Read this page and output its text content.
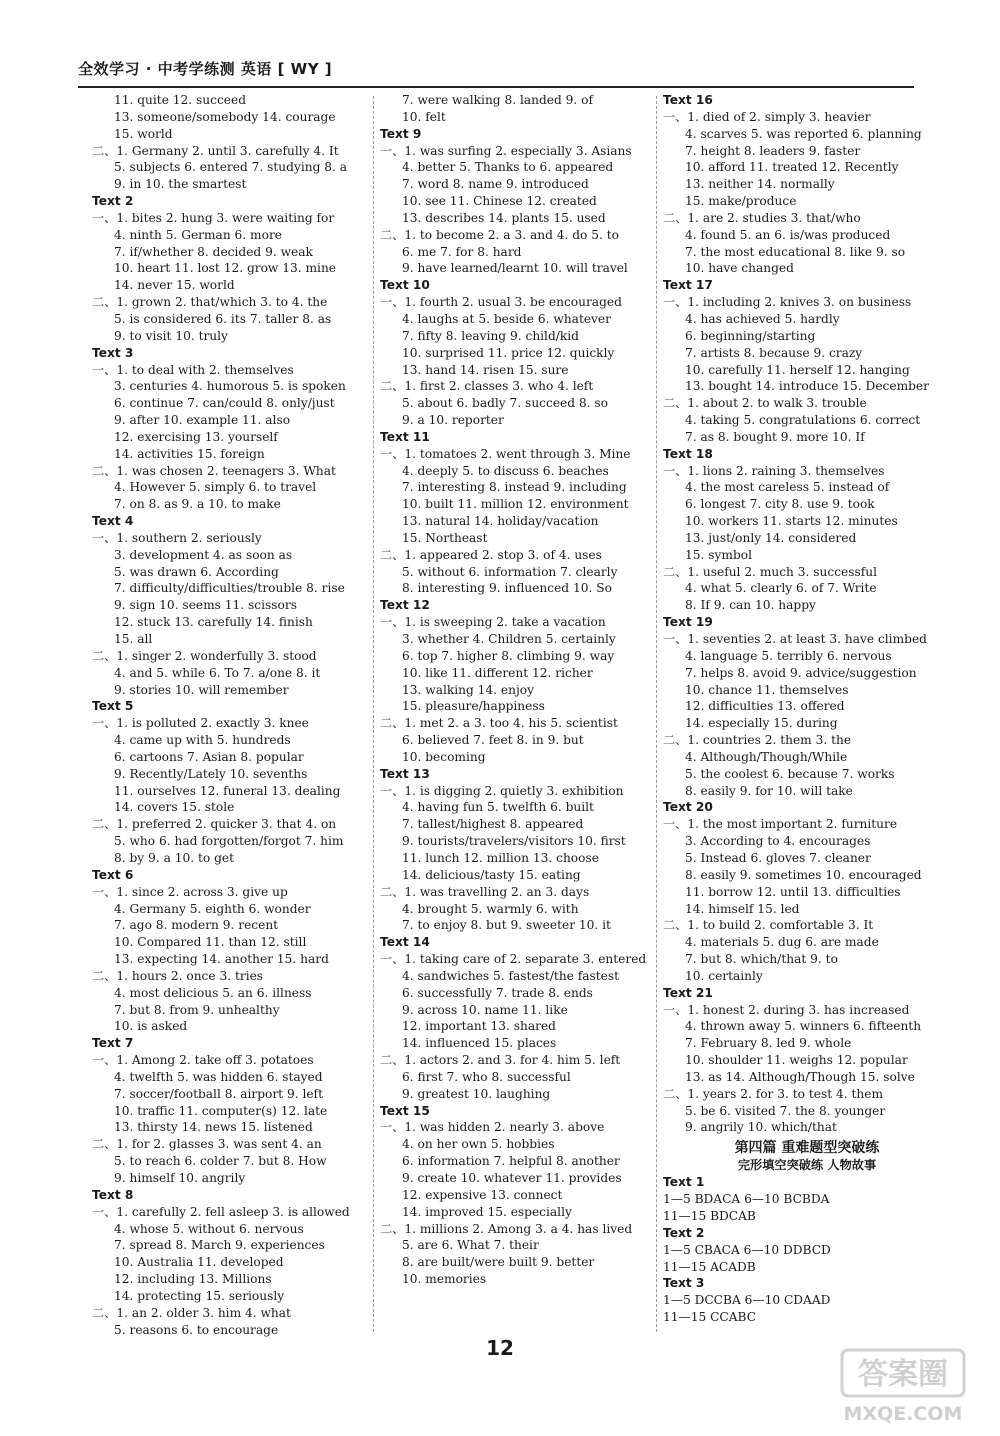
全效学习 · 中考学练测 英语 [ WY ]
11. quite 12. succeed
13. someone/somebody 14. courage
15. world
二、1. Germany 2. until 3. carefully 4. It
5. subjects 6. entered 7. studying 8. a
9. in 10. the smartest
Text 2
一、1. bites 2. hung 3. were waiting for
4. ninth 5. German 6. more
7. if/whether 8. decided 9. weak
10. heart 11. lost 12. grow 13. mine
14. never 15. world
二、1. grown 2. that/which 3. to 4. the
5. is considered 6. its 7. taller 8. as
9. to visit 10. truly
Text 3
一、1. to deal with 2. themselves
3. centuries 4. humorous 5. is spoken
6. continue 7. can/could 8. only/just
9. after 10. example 11. also
12. exercising 13. yourself
14. activities 15. foreign
二、1. was chosen 2. teenagers 3. What
4. However 5. simply 6. to travel
7. on 8. as 9. a 10. to make
Text 4
一、1. southern 2. seriously
3. development 4. as soon as
5. was drawn 6. According
7. difficulty/difficulties/trouble 8. rise
9. sign 10. seems 11. scissors
12. stuck 13. carefully 14. finish
15. all
二、1. singer 2. wonderfully 3. stood
4. and 5. while 6. To 7. a/one 8. it
9. stories 10. will remember
Text 5
一、1. is polluted 2. exactly 3. knee
4. came up with 5. hundreds
6. cartoons 7. Asian 8. popular
9. Recently/Lately 10. sevenths
11. ourselves 12. funeral 13. dealing
14. covers 15. stole
二、1. preferred 2. quicker 3. that 4. on
5. who 6. had forgotten/forgot 7. him
8. by 9. a 10. to get
Text 6
一、1. since 2. across 3. give up
4. Germany 5. eighth 6. wonder
7. ago 8. modern 9. recent
10. Compared 11. than 12. still
13. expecting 14. another 15. hard
二、1. hours 2. once 3. tries
4. most delicious 5. an 6. illness
7. but 8. from 9. unhealthy
10. is asked
Text 7
一、1. Among 2. take off 3. potatoes
4. twelfth 5. was hidden 6. stayed
7. soccer/football 8. airport 9. left
10. traffic 11. computer(s) 12. late
13. thirsty 14. news 15. listened
二、1. for 2. glasses 3. was sent 4. an
5. to reach 6. colder 7. but 8. How
9. himself 10. angrily
Text 8
一、1. carefully 2. fell asleep 3. is allowed
4. whose 5. without 6. nervous
7. spread 8. March 9. experiences
10. Australia 11. developed
12. including 13. Millions
14. protecting 15. seriously
二、1. an 2. older 3. him 4. what
5. reasons 6. to encourage
7. were walking 8. landed 9. of
10. felt
Text 9
一、1. was surfing 2. especially 3. Asians
4. better 5. Thanks to 6. appeared
7. word 8. name 9. introduced
10. see 11. Chinese 12. created
13. describes 14. plants 15. used
二、1. to become 2. a 3. and 4. do 5. to
6. me 7. for 8. hard
9. have learned/learnt 10. will travel
Text 10
一、1. fourth 2. usual 3. be encouraged
4. laughs at 5. beside 6. whatever
7. fifty 8. leaving 9. child/kid
10. surprised 11. price 12. quickly
13. hand 14. risen 15. sure
二、1. first 2. classes 3. who 4. left
5. about 6. badly 7. succeed 8. so
9. a 10. reporter
Text 11
一、1. tomatoes 2. went through 3. Mine
4. deeply 5. to discuss 6. beaches
7. interesting 8. instead 9. including
10. built 11. million 12. environment
13. natural 14. holiday/vacation
15. Northeast
二、1. appeared 2. stop 3. of 4. uses
5. without 6. information 7. clearly
8. interesting 9. influenced 10. So
Text 12
一、1. is sweeping 2. take a vacation
3. whether 4. Children 5. certainly
6. top 7. higher 8. climbing 9. way
10. like 11. different 12. richer
13. walking 14. enjoy
15. pleasure/happiness
二、1. met 2. a 3. too 4. his 5. scientist
6. believed 7. feet 8. in 9. but
10. becoming
Text 13
一、1. is digging 2. quietly 3. exhibition
4. having fun 5. twelfth 6. built
7. tallest/highest 8. appeared
9. tourists/travelers/visitors 10. first
11. lunch 12. million 13. choose
14. delicious/tasty 15. eating
二、1. was travelling 2. an 3. days
4. brought 5. warmly 6. with
7. to enjoy 8. but 9. sweeter 10. it
Text 14
一、1. taking care of 2. separate 3. entered
4. sandwiches 5. fastest/the fastest
6. successfully 7. trade 8. ends
9. across 10. name 11. like
12. important 13. shared
14. influenced 15. places
二、1. actors 2. and 3. for 4. him 5. left
6. first 7. who 8. successful
9. greatest 10. laughing
Text 15
一、1. was hidden 2. nearly 3. above
4. on her own 5. hobbies
6. information 7. helpful 8. another
9. create 10. whatever 11. provides
12. expensive 13. connect
14. improved 15. especially
二、1. millions 2. Among 3. a 4. has lived
5. are 6. What 7. their
8. are built/were built 9. better
10. memories
Text 16
一、1. died of 2. simply 3. heavier
4. scarves 5. was reported 6. planning
7. height 8. leaders 9. faster
10. afford 11. treated 12. Recently
13. neither 14. normally
15. make/produce
二、1. are 2. studies 3. that/who
4. found 5. an 6. is/was produced
7. the most educational 8. like 9. so
10. have changed
Text 17
一、1. including 2. knives 3. on business
4. has achieved 5. hardly
6. beginning/starting
7. artists 8. because 9. crazy
10. carefully 11. herself 12. hanging
13. bought 14. introduce 15. December
二、1. about 2. to walk 3. trouble
4. taking 5. congratulations 6. correct
7. as 8. bought 9. more 10. If
Text 18
一、1. lions 2. raining 3. themselves
4. the most careless 5. instead of
6. longest 7. city 8. use 9. took
10. workers 11. starts 12. minutes
13. just/only 14. considered
15. symbol
二、1. useful 2. much 3. successful
4. what 5. clearly 6. of 7. Write
8. If 9. can 10. happy
Text 19
一、1. seventies 2. at least 3. have climbed
4. language 5. terribly 6. nervous
7. helps 8. avoid 9. advice/suggestion
10. chance 11. themselves
12. difficulties 13. offered
14. especially 15. during
二、1. countries 2. them 3. the
4. Although/Though/While
5. the coolest 6. because 7. works
8. easily 9. for 10. will take
Text 20
一、1. the most important 2. furniture
3. According to 4. encourages
5. Instead 6. gloves 7. cleaner
8. easily 9. sometimes 10. encouraged
11. borrow 12. until 13. difficulties
14. himself 15. led
二、1. to build 2. comfortable 3. It
4. materials 5. dug 6. are made
7. but 8. which/that 9. to
10. certainly
Text 21
一、1. honest 2. during 3. has increased
4. thrown away 5. winners 6. fifteenth
7. February 8. led 9. whole
10. shoulder 11. weighs 12. popular
13. as 14. Although/Though 15. solve
二、1. years 2. for 3. to test 4. them
5. be 6. visited 7. the 8. younger
9. angrily 10. which/that
第四篇 重难题型突破练
完形填空突破练 人物故事
Text 1
1—5 BDACA 6—10 BCBDA
11—15 BDCAB
Text 2
1—5 CBACA 6—10 DDBCD
11—15 ACADB
Text 3
1—5 DCCBA 6—10 CDAAD
11—15 CCABC
12
答案圈
MXQE.COM
